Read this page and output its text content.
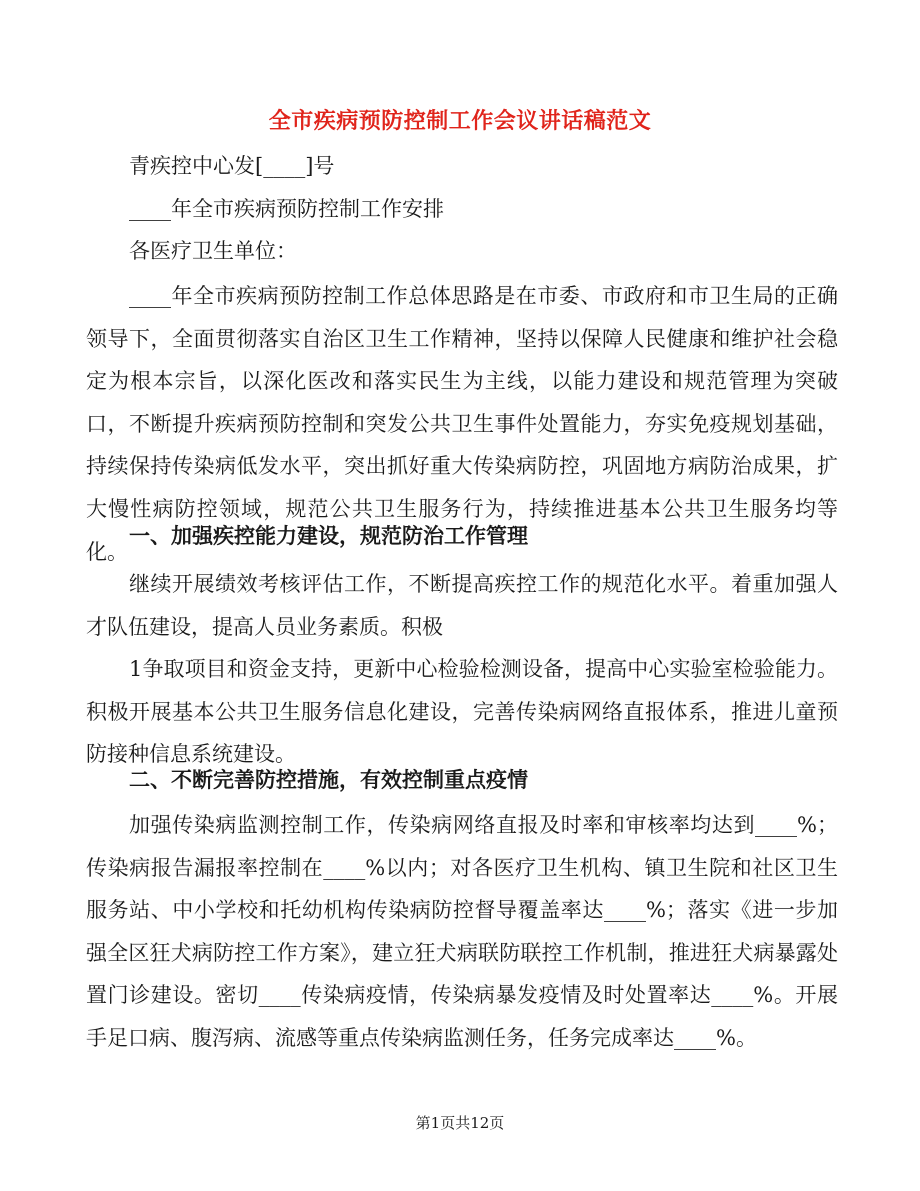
全市疾病预防控制工作会议讲话稿范文
青疾控中心发[____]号
____年全市疾病预防控制工作安排
各医疗卫生单位：
____年全市疾病预防控制工作总体思路是在市委、市政府和市卫生局的正确领导下，全面贯彻落实自治区卫生工作精神，坚持以保障人民健康和维护社会稳定为根本宗旨，以深化医改和落实民生为主线，以能力建设和规范管理为突破口，不断提升疾病预防控制和突发公共卫生事件处置能力，夯实免疫规划基础，持续保持传染病低发水平，突出抓好重大传染病防控，巩固地方病防治成果，扩大慢性病防控领域，规范公共卫生服务行为，持续推进基本公共卫生服务均等化。
一、加强疾控能力建设，规范防治工作管理
继续开展绩效考核评估工作，不断提高疾控工作的规范化水平。着重加强人才队伍建设，提高人员业务素质。积极
1争取项目和资金支持，更新中心检验检测设备，提高中心实验室检验能力。积极开展基本公共卫生服务信息化建设，完善传染病网络直报体系，推进儿童预防接种信息系统建设。
二、不断完善防控措施，有效控制重点疫情
加强传染病监测控制工作，传染病网络直报及时率和审核率均达到____%；传染病报告漏报率控制在____%以内；对各医疗卫生机构、镇卫生院和社区卫生服务站、中小学校和托幼机构传染病防控督导覆盖率达____%；落实《进一步加强全区狂犬病防控工作方案》，建立狂犬病联防联控工作机制，推进狂犬病暴露处置门诊建设。密切____传染病疫情，传染病暴发疫情及时处置率达____%。开展手足口病、腹泻病、流感等重点传染病监测任务，任务完成率达____%。
第1页共12页
